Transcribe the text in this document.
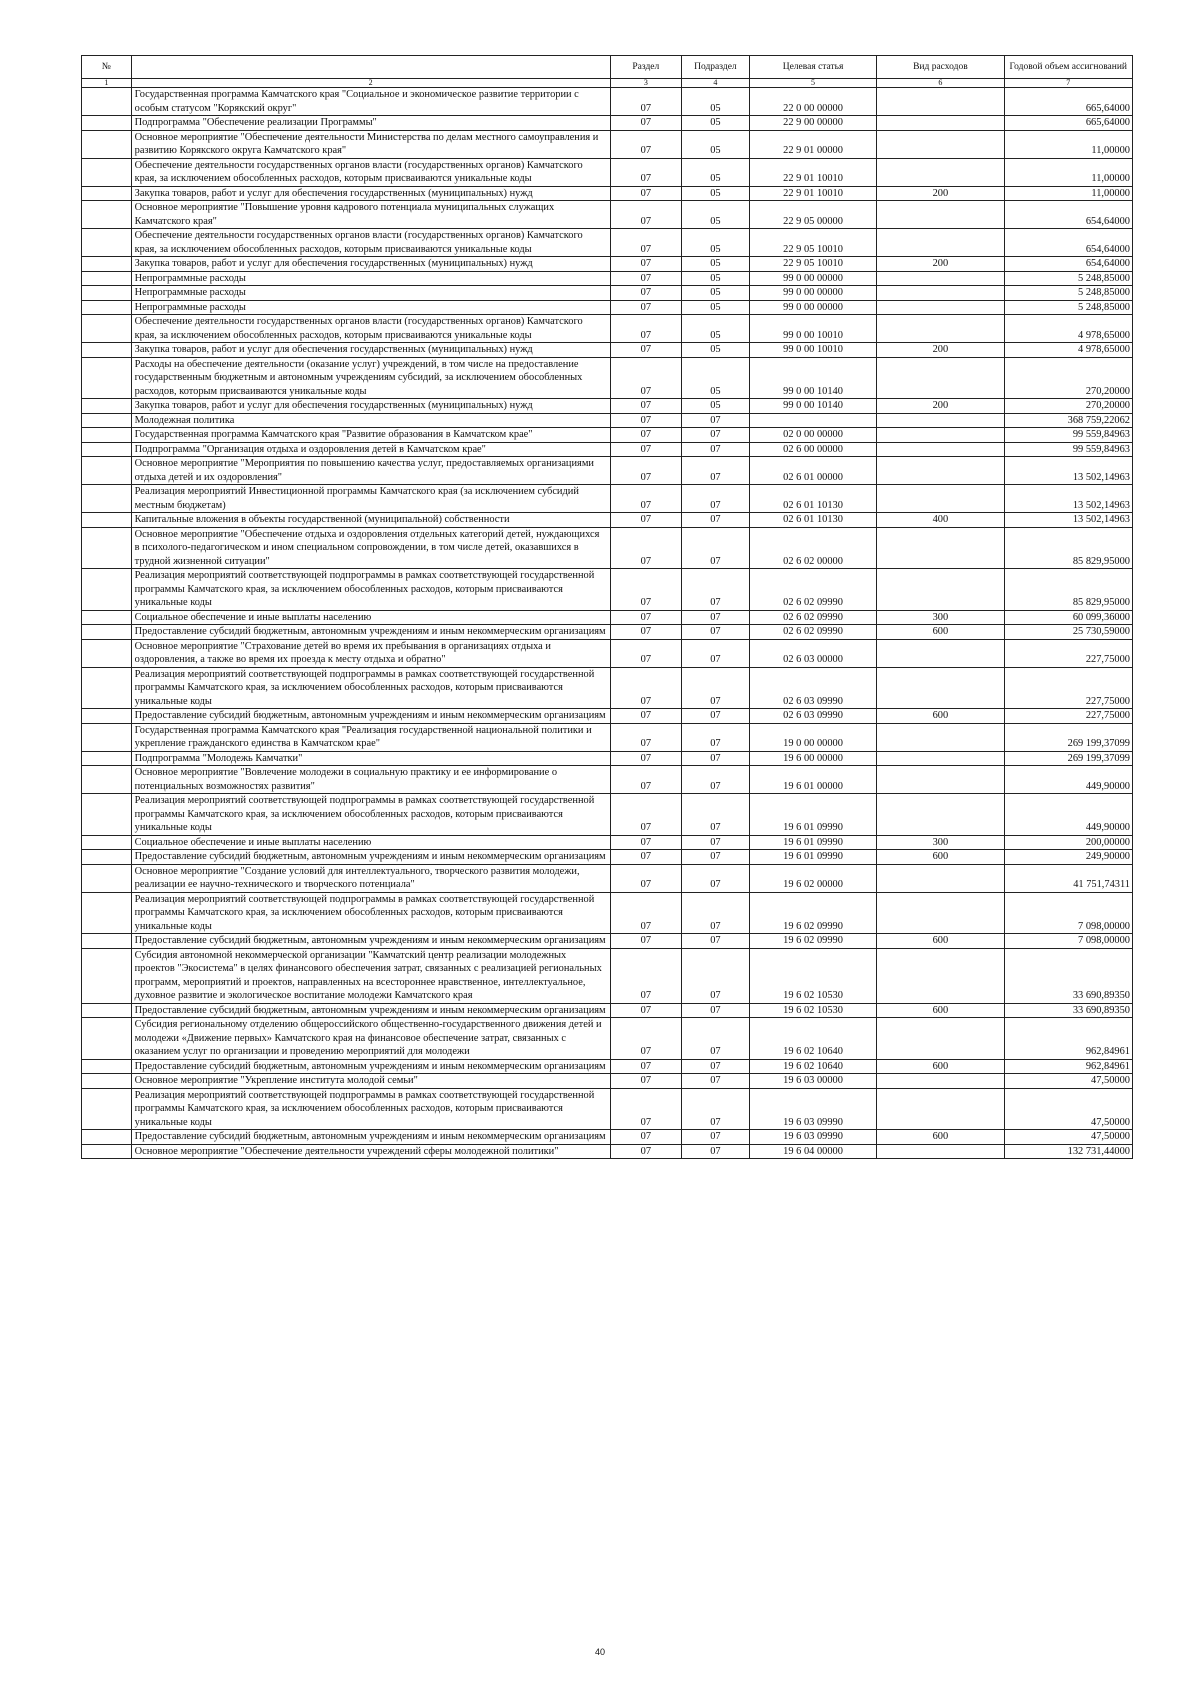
№		Раздел	Подраздел	Целевая статья	Вид расходов	Годовой объем ассигнований
1	2	3	4	5	6	7
	Государственная программа Камчатского края "Социальное и экономическое развитие территории с особым статусом "Корякский округ"	07	05	22 0 00 00000		665,64000
	Подпрограмма "Обеспечение реализации Программы"	07	05	22 9 00 00000		665,64000
	Основное мероприятие "Обеспечение деятельности Министерства по делам местного самоуправления и развитию Корякского округа Камчатского края"	07	05	22 9 01 00000		11,00000
	Обеспечение деятельности государственных органов власти (государственных органов) Камчатского края, за исключением обособленных расходов, которым присваиваются уникальные коды	07	05	22 9 01 10010		11,00000
	Закупка товаров, работ и услуг для обеспечения государственных (муниципальных) нужд	07	05	22 9 01 10010	200	11,00000
	Основное мероприятие "Повышение уровня кадрового потенциала муниципальных служащих Камчатского края"	07	05	22 9 05 00000		654,64000
	Обеспечение деятельности государственных органов власти (государственных органов) Камчатского края, за исключением обособленных расходов, которым присваиваются уникальные коды	07	05	22 9 05 10010		654,64000
	Закупка товаров, работ и услуг для обеспечения государственных (муниципальных) нужд	07	05	22 9 05 10010	200	654,64000
	Непрограммные расходы	07	05	99 0 00 00000		5 248,85000
	Непрограммные расходы	07	05	99 0 00 00000		5 248,85000
	Непрограммные расходы	07	05	99 0 00 00000		5 248,85000
	Обеспечение деятельности государственных органов власти (государственных органов) Камчатского края, за исключением обособленных расходов, которым присваиваются уникальные коды	07	05	99 0 00 10010		4 978,65000
	Закупка товаров, работ и услуг для обеспечения государственных (муниципальных) нужд	07	05	99 0 00 10010	200	4 978,65000
	Расходы на обеспечение деятельности (оказание услуг) учреждений, в том числе на предоставление государственным бюджетным и автономным учреждениям субсидий, за исключением обособленных расходов, которым присваиваются уникальные коды	07	05	99 0 00 10140		270,20000
	Закупка товаров, работ и услуг для обеспечения государственных (муниципальных) нужд	07	05	99 0 00 10140	200	270,20000
	Молодежная политика	07	07			368 759,22062
	Государственная программа Камчатского края "Развитие образования в Камчатском крае"	07	07	02 0 00 00000		99 559,84963
	Подпрограмма "Организация отдыха и оздоровления детей в Камчатском крае"	07	07	02 6 00 00000		99 559,84963
	Основное мероприятие "Мероприятия по повышению качества услуг, предоставляемых организациями отдыха детей и их оздоровления"	07	07	02 6 01 00000		13 502,14963
	Реализация мероприятий Инвестиционной программы Камчатского края (за исключением субсидий местным бюджетам)	07	07	02 6 01 10130		13 502,14963
	Капитальные вложения в объекты государственной (муниципальной) собственности	07	07	02 6 01 10130	400	13 502,14963
	Основное мероприятие "Обеспечение отдыха и оздоровления отдельных категорий детей, нуждающихся в психолого-педагогическом и ином специальном сопровождении, в том числе детей, оказавшихся в трудной жизненной ситуации"	07	07	02 6 02 00000		85 829,95000
	Реализация мероприятий соответствующей подпрограммы в рамках соответствующей государственной программы Камчатского края, за исключением обособленных расходов, которым присваиваются уникальные коды	07	07	02 6 02 09990		85 829,95000
	Социальное обеспечение и иные выплаты населению	07	07	02 6 02 09990	300	60 099,36000
	Предоставление субсидий бюджетным, автономным учреждениям и иным некоммерческим организациям	07	07	02 6 02 09990	600	25 730,59000
	Основное мероприятие "Страхование детей во время их пребывания в организациях отдыха и оздоровления, а также во время их проезда к месту отдыха и обратно"	07	07	02 6 03 00000		227,75000
	Реализация мероприятий соответствующей подпрограммы в рамках соответствующей государственной программы Камчатского края, за исключением обособленных расходов, которым присваиваются уникальные коды	07	07	02 6 03 09990		227,75000
	Предоставление субсидий бюджетным, автономным учреждениям и иным некоммерческим организациям	07	07	02 6 03 09990	600	227,75000
	Государственная программа Камчатского края "Реализация государственной национальной политики и укрепление гражданского единства в Камчатском крае"	07	07	19 0 00 00000		269 199,37099
	Подпрограмма "Молодежь Камчатки"	07	07	19 6 00 00000		269 199,37099
	Основное мероприятие "Вовлечение молодежи в социальную практику и ее информирование о потенциальных возможностях развития"	07	07	19 6 01 00000		449,90000
	Реализация мероприятий соответствующей подпрограммы в рамках соответствующей государственной программы Камчатского края, за исключением обособленных расходов, которым присваиваются уникальные коды	07	07	19 6 01 09990		449,90000
	Социальное обеспечение и иные выплаты населению	07	07	19 6 01 09990	300	200,00000
	Предоставление субсидий бюджетным, автономным учреждениям и иным некоммерческим организациям	07	07	19 6 01 09990	600	249,90000
	Основное мероприятие "Создание условий для интеллектуального, творческого развития молодежи, реализации ее научно-технического и творческого потенциала"	07	07	19 6 02 00000		41 751,74311
	Реализация мероприятий соответствующей подпрограммы в рамках соответствующей государственной программы Камчатского края, за исключением обособленных расходов, которым присваиваются уникальные коды	07	07	19 6 02 09990		7 098,00000
	Предоставление субсидий бюджетным, автономным учреждениям и иным некоммерческим организациям	07	07	19 6 02 09990	600	7 098,00000
	Субсидия автономной некоммерческой организации "Камчатский центр реализации молодежных проектов "Экосистема" в целях финансового обеспечения затрат, связанных с реализацией региональных программ, мероприятий и проектов, направленных на всестороннее нравственное, интеллектуальное, духовное развитие и экологическое воспитание молодежи Камчатского края	07	07	19 6 02 10530		33 690,89350
	Предоставление субсидий бюджетным, автономным учреждениям и иным некоммерческим организациям	07	07	19 6 02 10530	600	33 690,89350
	Субсидия региональному отделению общероссийского общественно-государственного движения детей и молодежи «Движение первых» Камчатского края на финансовое обеспечение затрат, связанных с оказанием услуг по организации и проведению мероприятий для молодежи	07	07	19 6 02 10640		962,84961
	Предоставление субсидий бюджетным, автономным учреждениям и иным некоммерческим организациям	07	07	19 6 02 10640	600	962,84961
	Основное мероприятие "Укрепление института молодой семьи"	07	07	19 6 03 00000		47,50000
	Реализация мероприятий соответствующей подпрограммы в рамках соответствующей государственной программы Камчатского края, за исключением обособленных расходов, которым присваиваются уникальные коды	07	07	19 6 03 09990		47,50000
	Предоставление субсидий бюджетным, автономным учреждениям и иным некоммерческим организациям	07	07	19 6 03 09990	600	47,50000
	Основное мероприятие "Обеспечение деятельности учреждений сферы молодежной политики"	07	07	19 6 04 00000		132 731,44000
40
